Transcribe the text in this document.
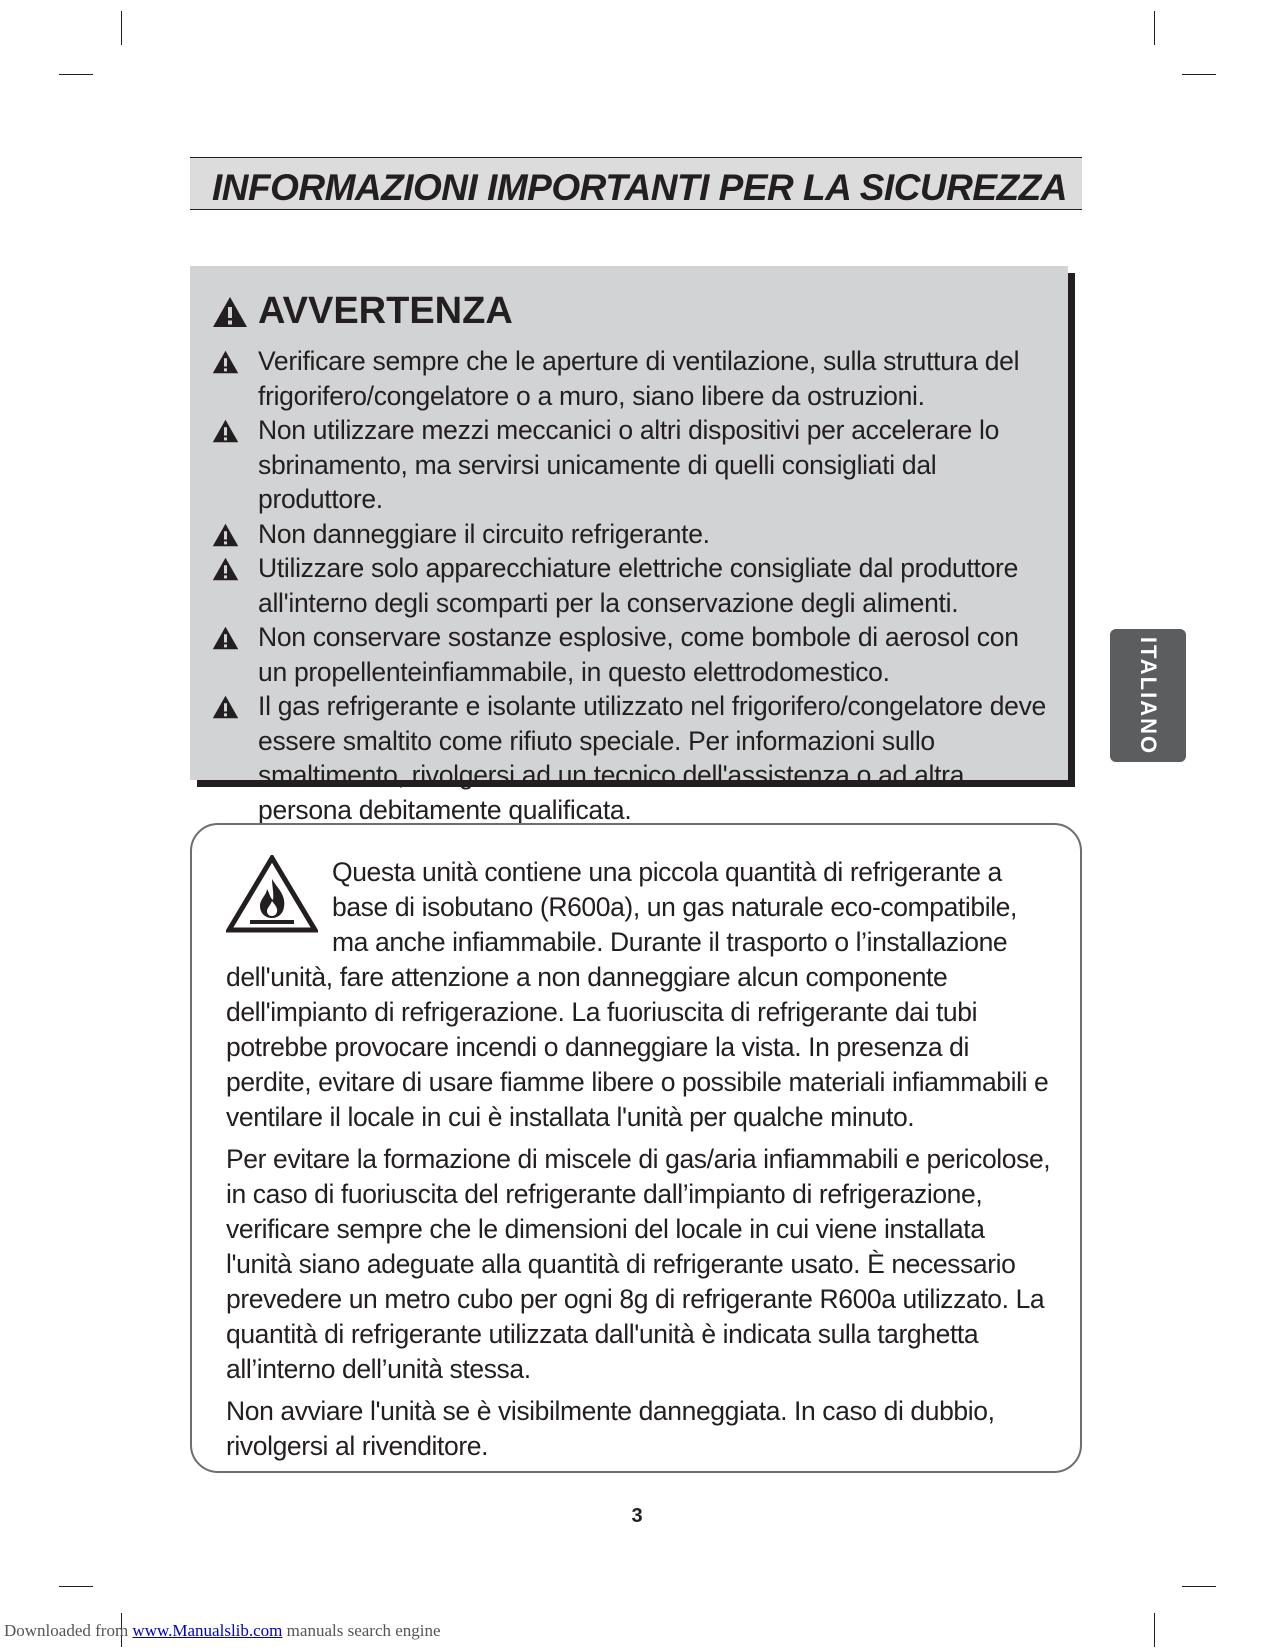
INFORMAZIONI IMPORTANTI PER LA SICUREZZA
AVVERTENZA
Verificare sempre che le aperture di ventilazione, sulla struttura del frigorifero/congelatore o a muro, siano libere da ostruzioni.
Non utilizzare mezzi meccanici o altri dispositivi per accelerare lo sbrinamento, ma servirsi unicamente di quelli consigliati dal produttore.
Non danneggiare il circuito refrigerante.
Utilizzare solo apparecchiature elettriche consigliate dal produttore all'interno degli scomparti per la conservazione degli alimenti.
Non conservare sostanze esplosive, come bombole di aerosol con un propellenteinfiammabile, in questo elettrodomestico.
Il gas refrigerante e isolante utilizzato nel frigorifero/congelatore deve essere smaltito come rifiuto speciale. Per informazioni sullo smaltimento, rivolgersi ad un tecnico dell'assistenza o ad altra persona debitamente qualificata.
ITALIANO

Questa unità contiene una piccola quantità di refrigerante a base di isobutano (R600a), un gas naturale eco-compatibile, ma anche infiammabile. Durante il trasporto o l’installazione dell'unità, fare attenzione a non danneggiare alcun componente dell'impianto di refrigerazione. La fuoriuscita di refrigerante dai tubi potrebbe provocare incendi o danneggiare la vista. In presenza di perdite, evitare di usare fiamme libere o possibile materiali infiammabili e ventilare il locale in cui è installata l'unità per qualche minuto.

Per evitare la formazione di miscele di gas/aria infiammabili e pericolose, in caso di fuoriuscita del refrigerante dall’impianto di refrigerazione, verificare sempre che le dimensioni del locale in cui viene installata l'unità siano adeguate alla quantità di refrigerante usato. È necessario prevedere un metro cubo per ogni 8g di refrigerante R600a utilizzato. La quantità di refrigerante utilizzata dall'unità è indicata sulla targhetta all’interno dell’unità stessa.

Non avviare l'unità se è visibilmente danneggiata. In caso di dubbio, rivolgersi al rivenditore.

3
Downloaded from www.Manualslib.com manuals search engine
